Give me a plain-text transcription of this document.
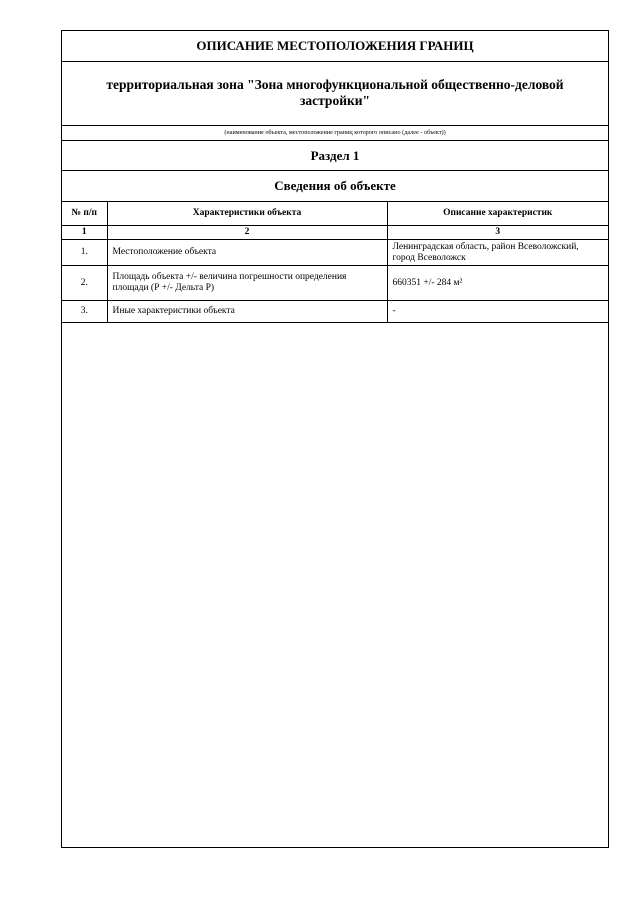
ОПИСАНИЕ МЕСТОПОЛОЖЕНИЯ ГРАНИЦ
территориальная зона "Зона многофункциональной общественно-деловой застройки"
(наименование объекта, местоположение границ которого описано (далее - объект))
Раздел 1
Сведения об объекте
№ п/п	Характеристики объекта	Описание характеристик
1	2	3
1.	Местоположение объекта	Ленинградская область, район Всеволожский, город Всеволожск
2.	Площадь объекта +/- величина погрешности определения площади (Р +/- Дельта Р)	660351 +/- 284 м²
3.	Иные характеристики объекта	-
